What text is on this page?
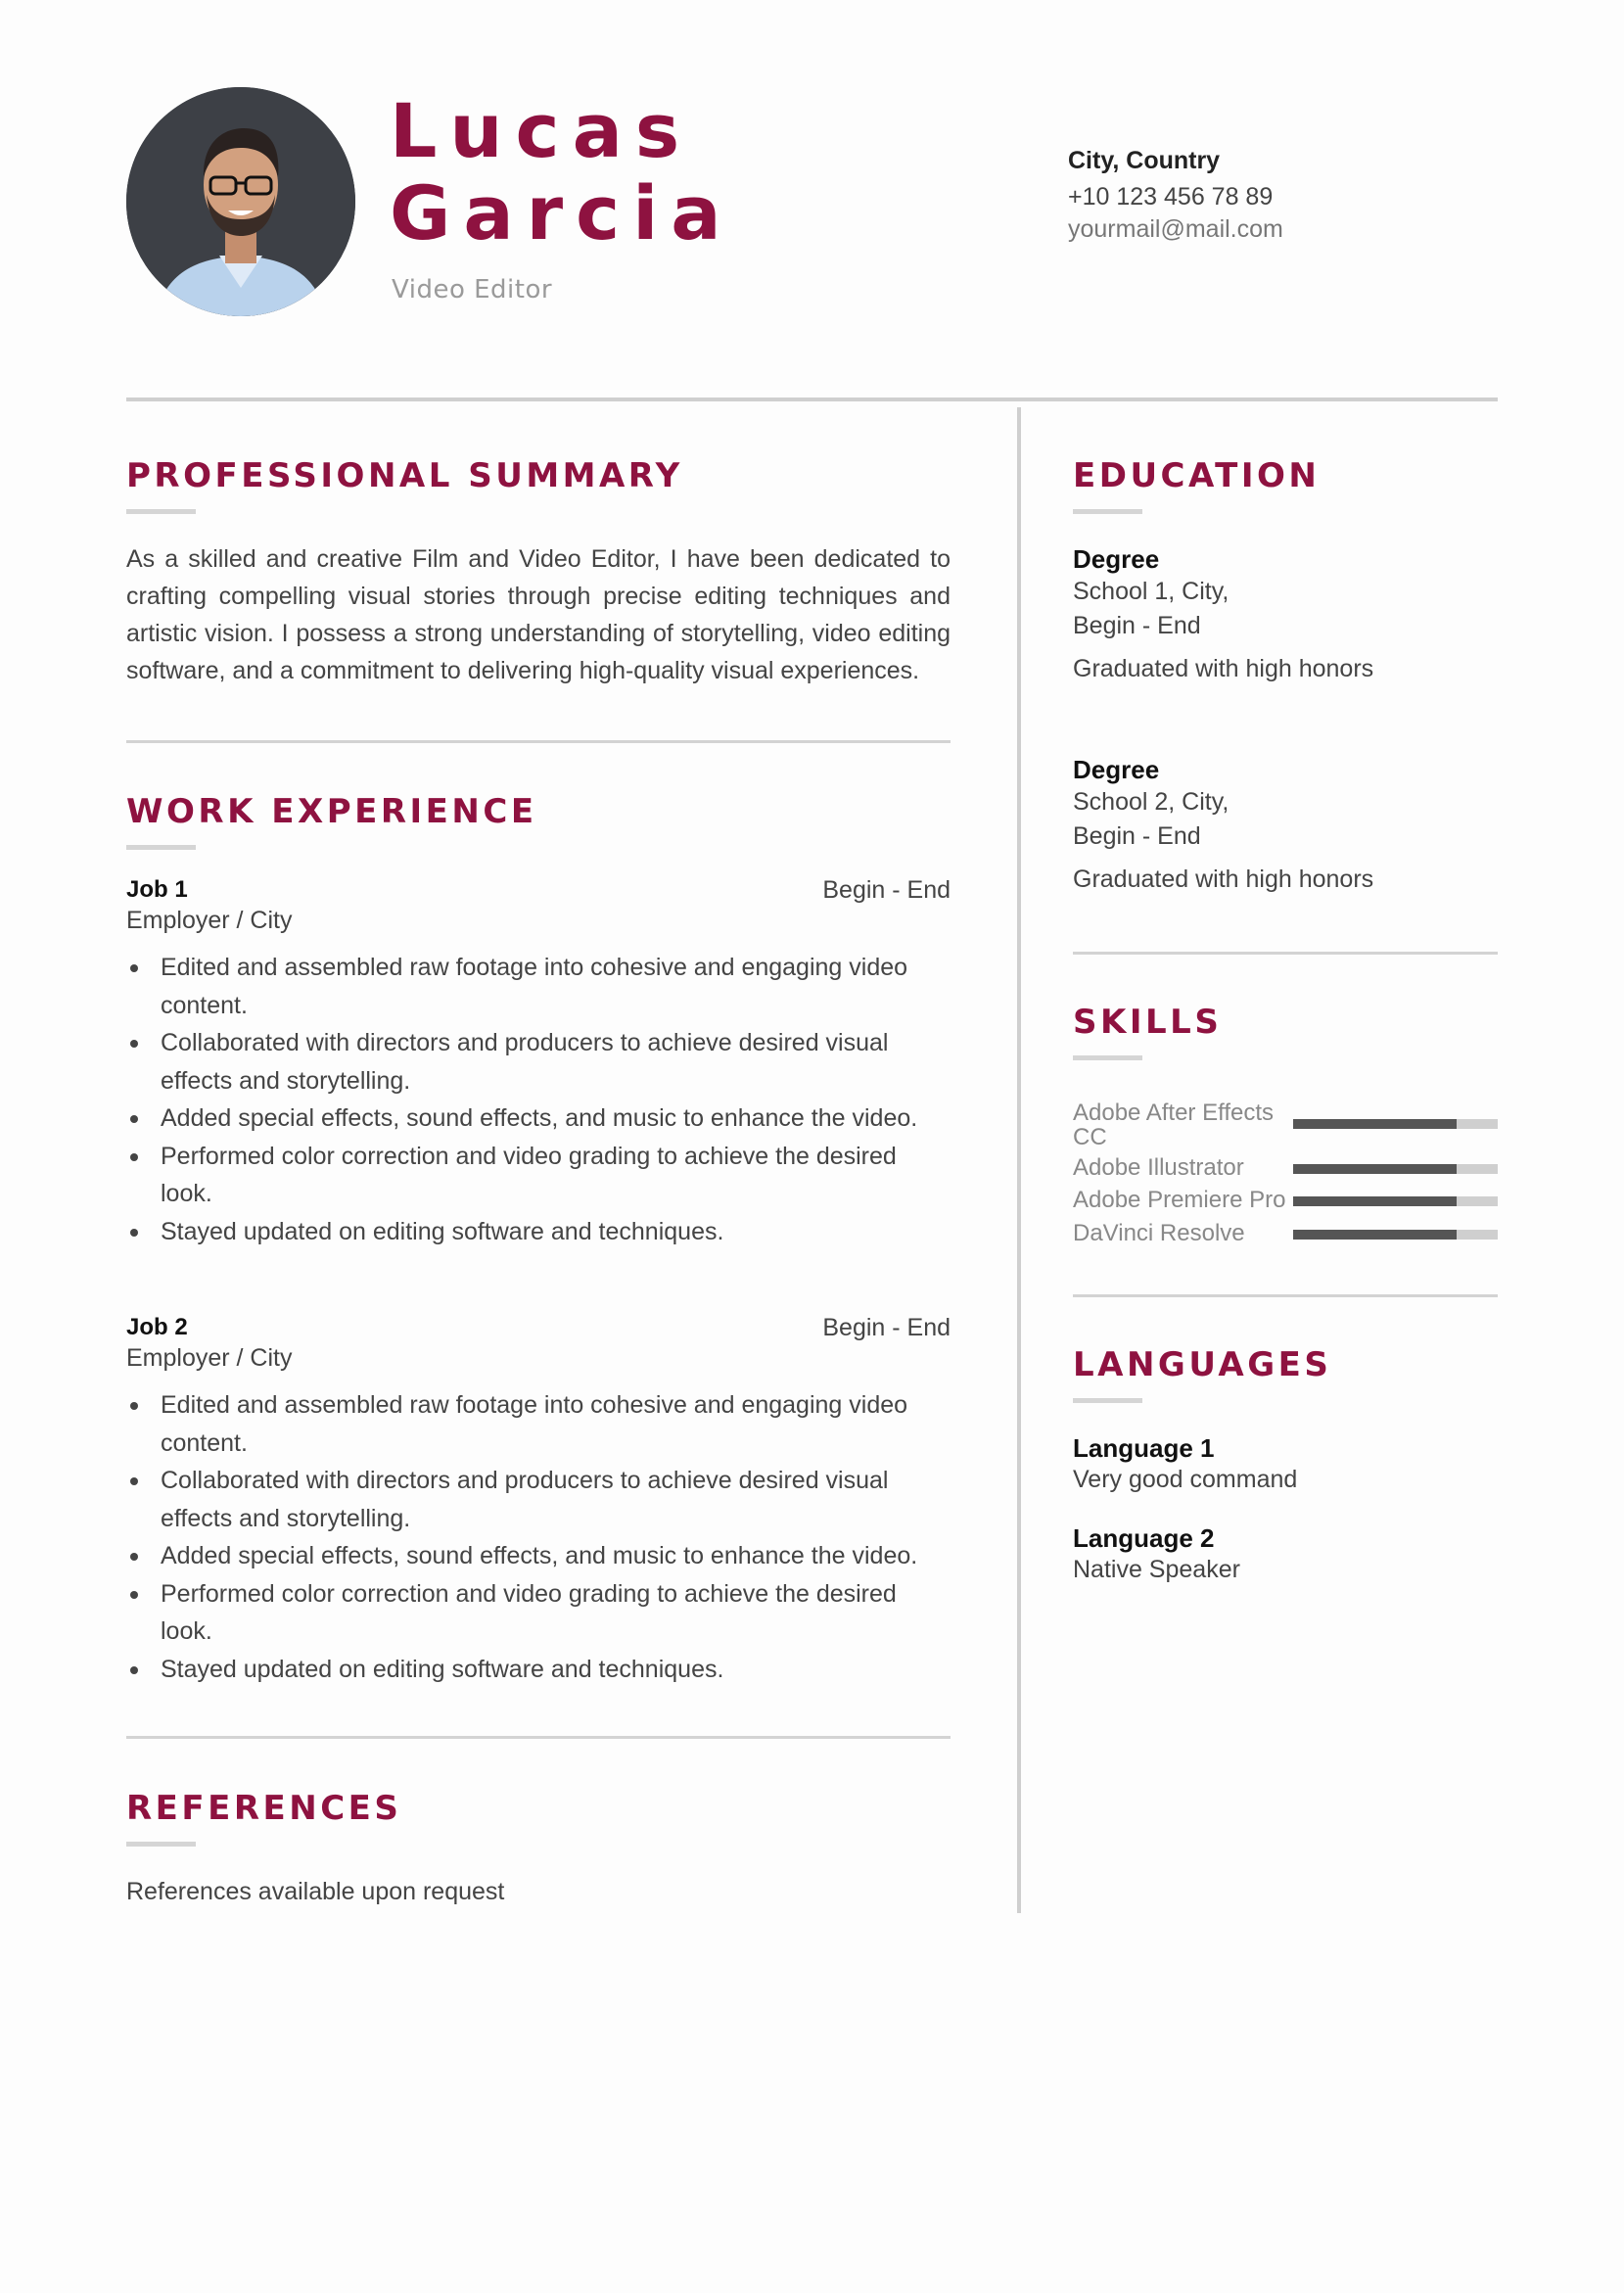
Lucas
Garcia
Video Editor
City, Country
+10 123 456 78 89
yourmail@mail.com
PROFESSIONAL SUMMARY
As a skilled and creative Film and Video Editor, I have been dedicated to crafting compelling visual stories through precise editing techniques and artistic vision. I possess a strong understanding of storytelling, video editing software, and a commitment to delivering high-quality visual experiences.
WORK EXPERIENCE
Job 1	Begin - End
Employer / City
Edited and assembled raw footage into cohesive and engaging video content.
Collaborated with directors and producers to achieve desired visual effects and storytelling.
Added special effects, sound effects, and music to enhance the video.
Performed color correction and video grading to achieve the desired look.
Stayed updated on editing software and techniques.
Job 2	Begin - End
Employer / City
Edited and assembled raw footage into cohesive and engaging video content.
Collaborated with directors and producers to achieve desired visual effects and storytelling.
Added special effects, sound effects, and music to enhance the video.
Performed color correction and video grading to achieve the desired look.
Stayed updated on editing software and techniques.
REFERENCES
References available upon request
EDUCATION
Degree
School 1, City,
Begin - End
Graduated with high honors
Degree
School 2, City,
Begin - End
Graduated with high honors
SKILLS
Adobe After Effects CC
Adobe Illustrator
Adobe Premiere Pro
DaVinci Resolve
LANGUAGES
Language 1
Very good command
Language 2
Native Speaker
